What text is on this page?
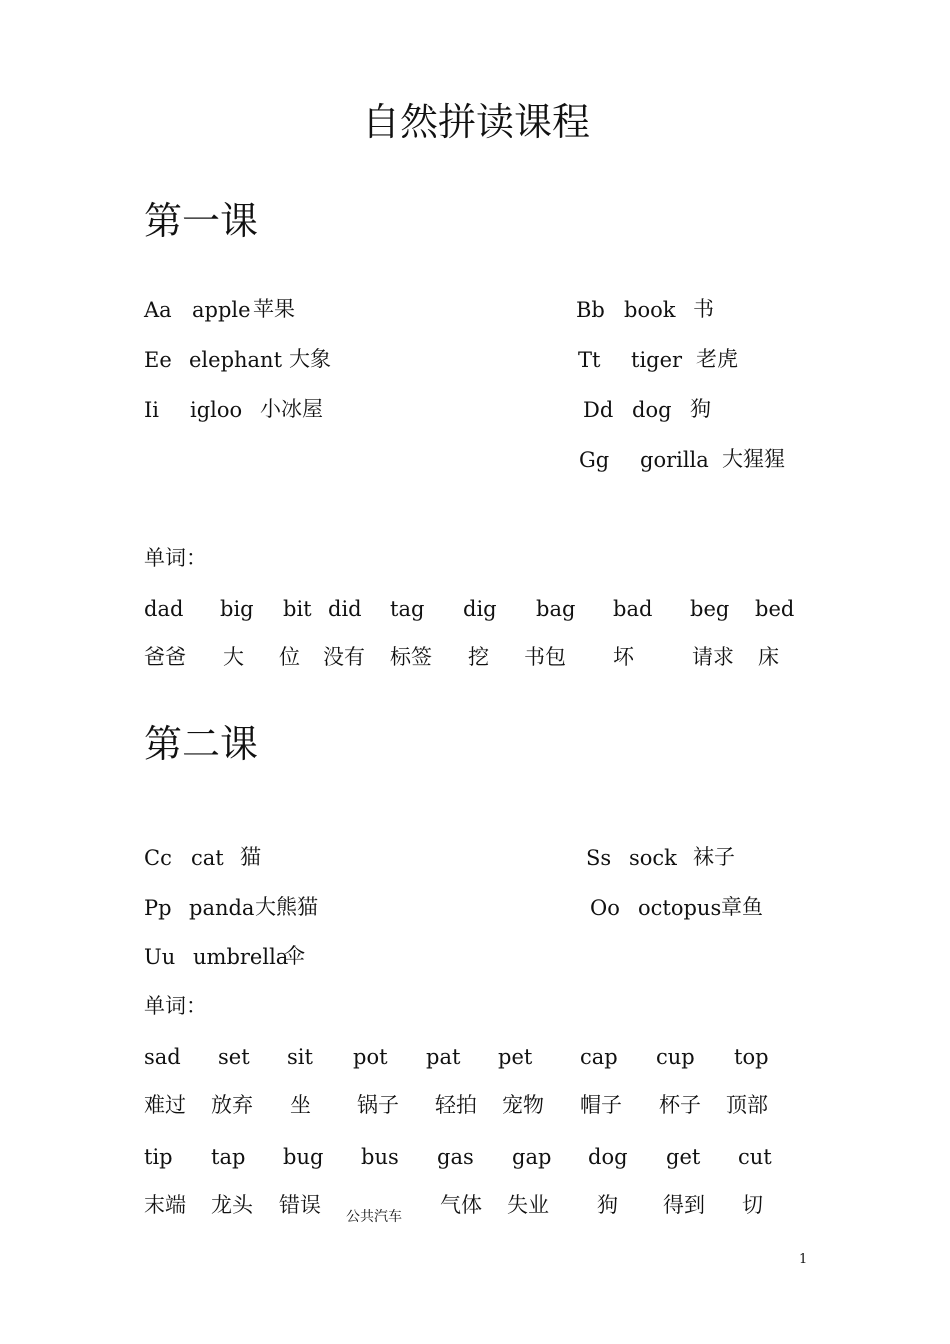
自然拼读课程
第一课
Aa apple 苹果
Ee elephant 大象
Ii igloo 小冰屋
Bb book 书
Tt tiger 老虎
Dd dog 狗
Gg gorilla 大猩猩
单词：
dad big bit did tag dig bag bad beg bed
爸爸 大 位 没有 标签 挖 书包 坏	请求 床
第二课
Cc cat 猫
Pp panda 大熊猫
Uu umbrella
伞
Ss sock 袜子
Oo octopus 章鱼
单词：
sad set sit pot pat pet cap cup top
难过 放弃 坐 锅子 轻拍 宠物 帽子 杯子 顶部
tip tap bug bus gas gap dog get cut
末端 龙头 错误 公共汽车 气体 失业 狗 得到 切
1
